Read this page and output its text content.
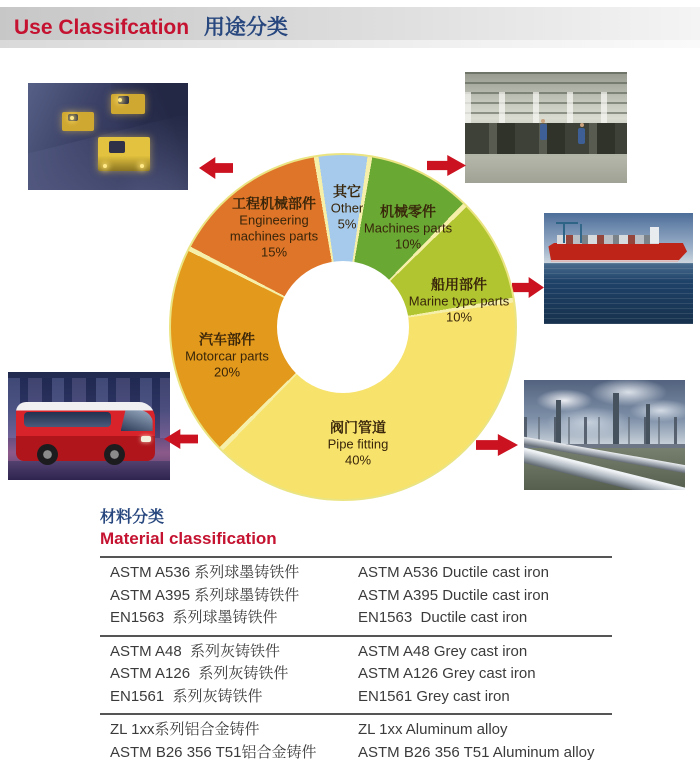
Use Classifcation 用途分类
其它
Other
5%
机械零件
Machines parts
10%
船用部件
Marine type parts
10%
阀门管道
Pipe fitting
40%
汽车部件
Motorcar parts
20%
工程机械部件
Engineering machines parts
15%
材料分类
Material classification
ASTM A536 系列球墨铸铁件	ASTM A536 Ductile cast iron
ASTM A395 系列球墨铸铁件	ASTM A395 Ductile cast iron
EN1563  系列球墨铸铁件	EN1563  Ductile cast iron
ASTM A48  系列灰铸铁件	ASTM A48 Grey cast iron
ASTM A126  系列灰铸铁件	ASTM A126 Grey cast iron
EN1561  系列灰铸铁件	EN1561 Grey cast iron
ZL 1xx系列铝合金铸件	ZL 1xx Aluminum alloy
ASTM B26 356 T51铝合金铸件	ASTM B26 356 T51 Aluminum alloy
